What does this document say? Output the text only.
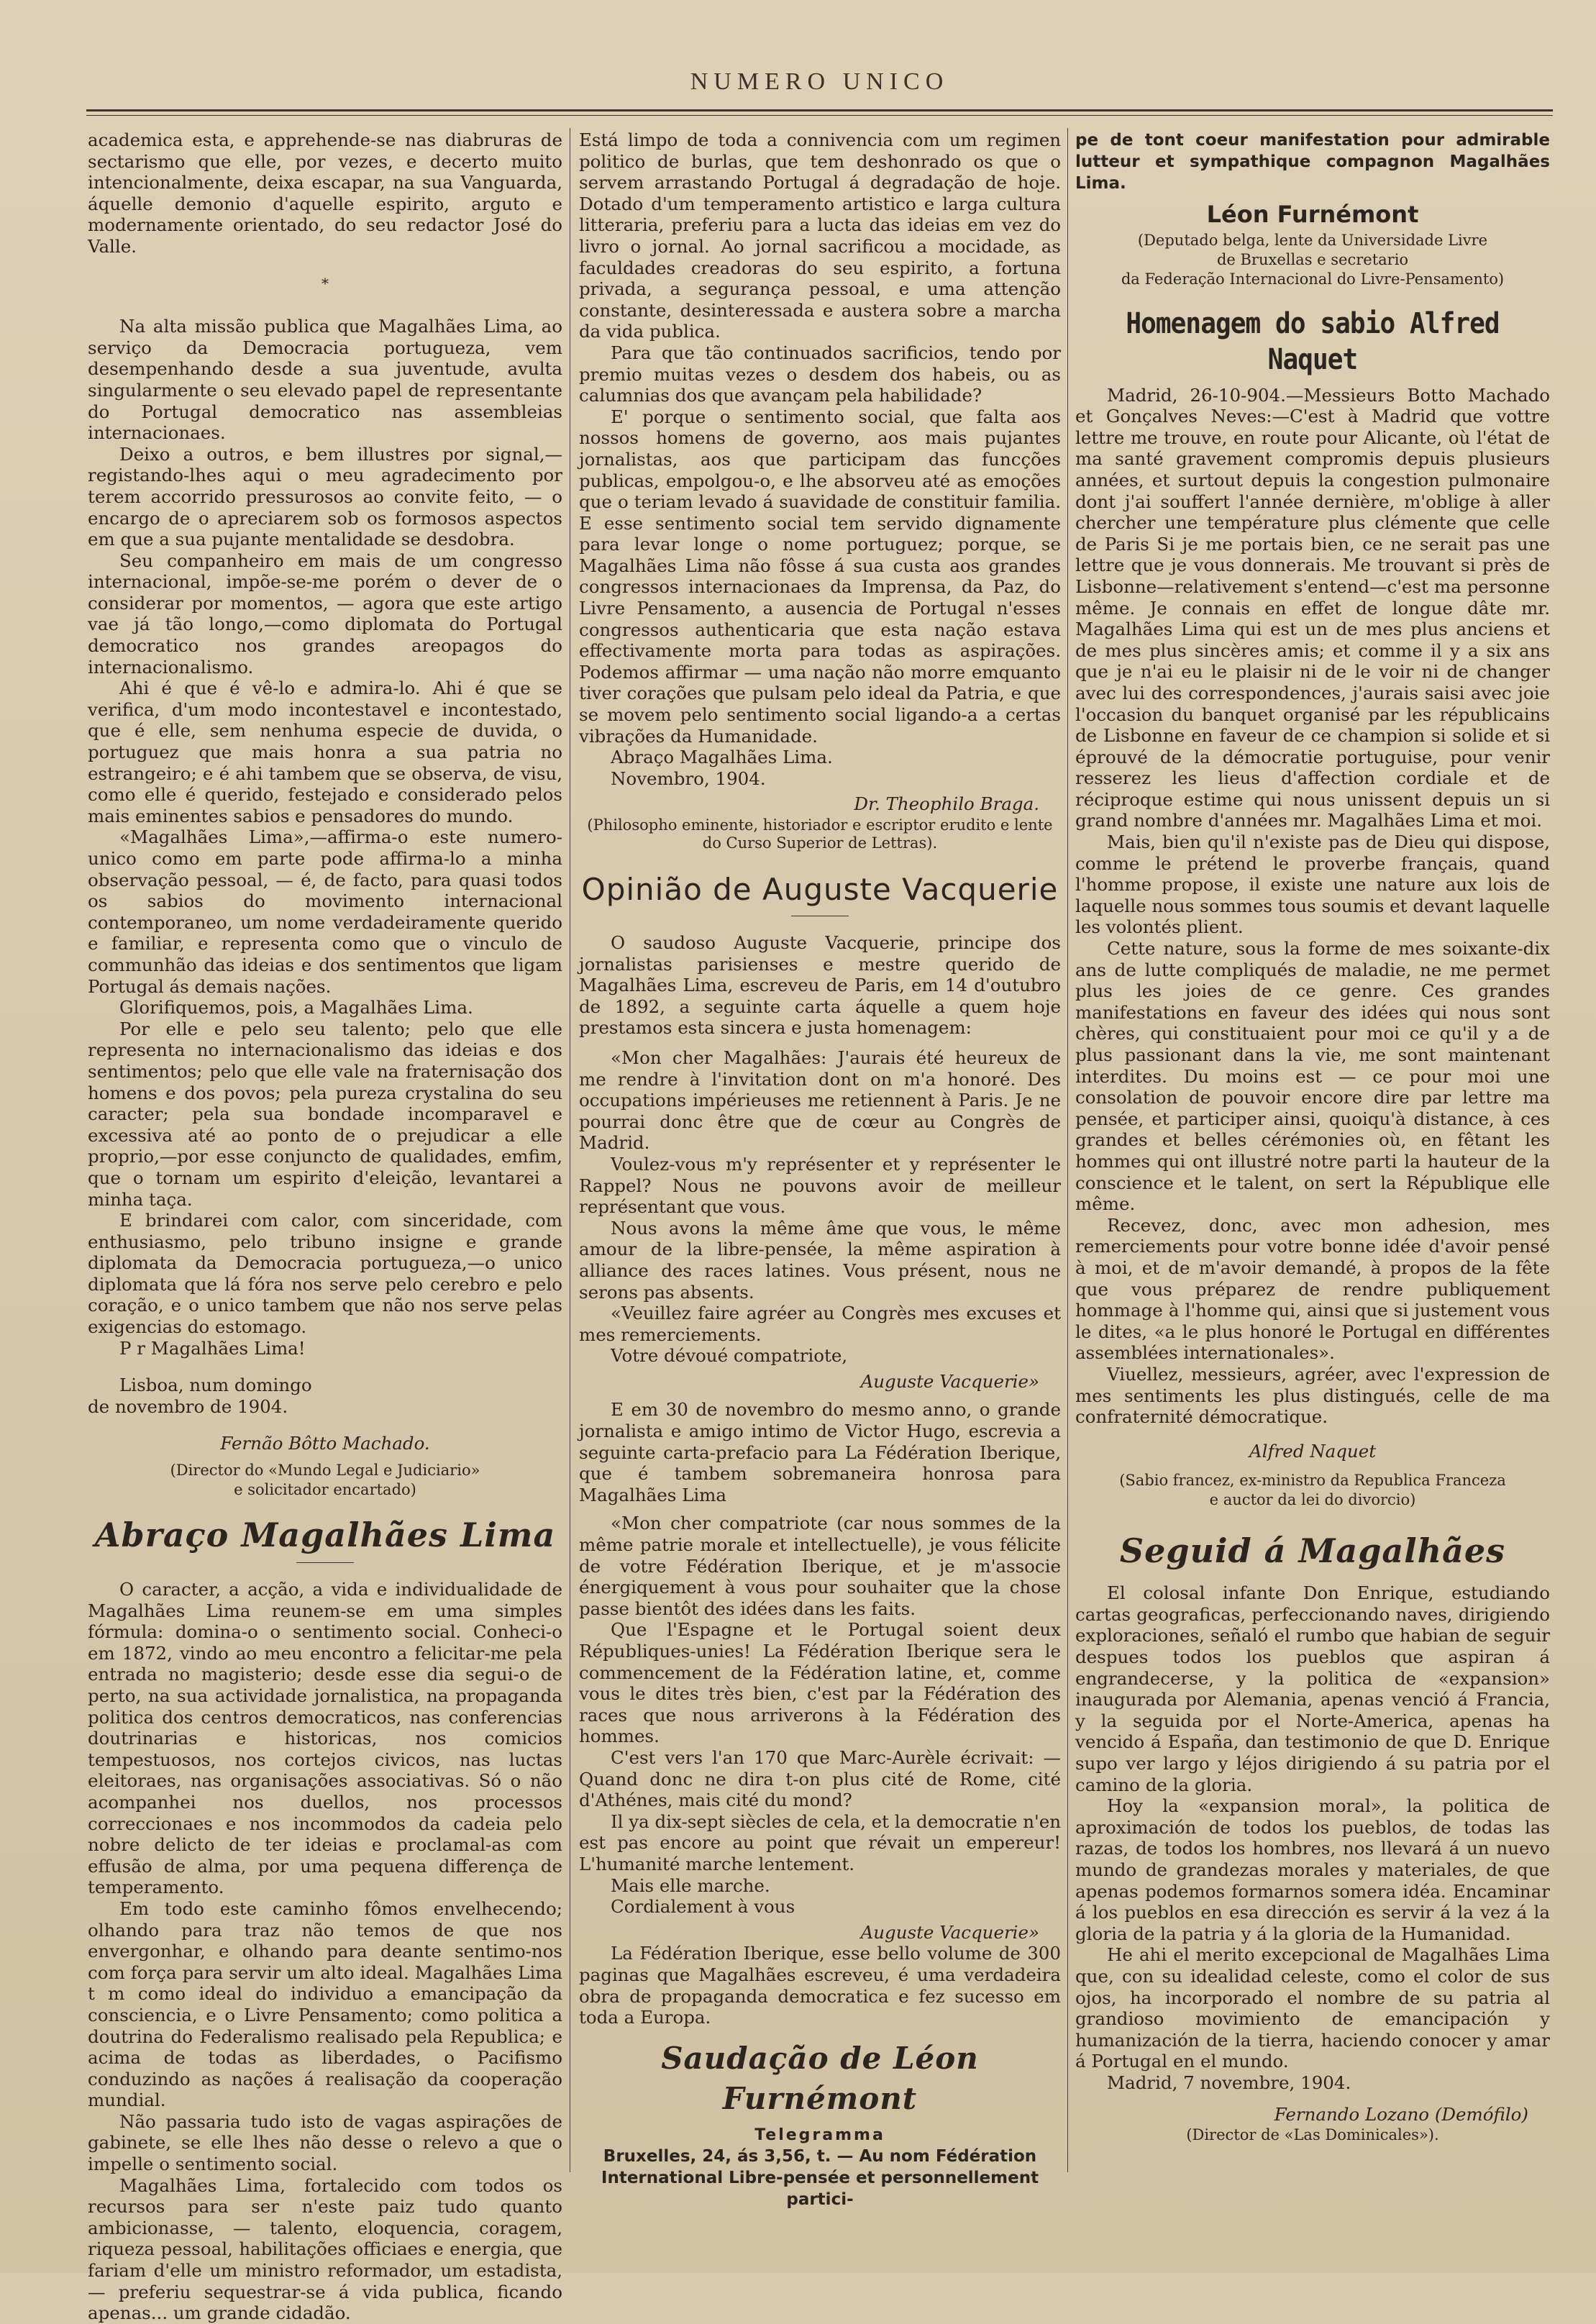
NUMERO UNICO

academica esta, e apprehende-se nas diabruras de sectarismo que elle, por vezes, e decerto muito intencionalmente, deixa escapar, na sua Vanguarda, áquelle demonio d'aquelle espirito, arguto e modernamente orientado, do seu redactor José do Valle.

*

Na alta missão publica que Magalhães Lima, ao serviço da Democracia portugueza, vem desempenhando desde a sua juventude, avulta singularmente o seu elevado papel de representante do Portugal democratico nas assembleias internacionaes.

Deixo a outros, e bem illustres por signal,—registando-lhes aqui o meu agradecimento por terem accorrido pressurosos ao convite feito, — o encargo de o apreciarem sob os formosos aspectos em que a sua pujante mentalidade se desdobra.

Seu companheiro em mais de um congresso internacional, impõe-se-me porém o dever de o considerar por momentos, — agora que este artigo vae já tão longo,—como diplomata do Portugal democratico nos grandes areopagos do internacionalismo.

Ahi é que é vê-lo e admira-lo. Ahi é que se verifica, d'um modo incontestavel e incontestado, que é elle, sem nenhuma especie de duvida, o portuguez que mais honra a sua patria no estrangeiro; e é ahi tambem que se observa, de visu, como elle é querido, festejado e considerado pelos mais eminentes sabios e pensadores do mundo.

«Magalhães Lima»,—affirma-o este numero-unico como em parte pode affirma-lo a minha observação pessoal, — é, de facto, para quasi todos os sabios do movimento internacional contemporaneo, um nome verdadeiramente querido e familiar, e representa como que o vinculo de communhão das ideias e dos sentimentos que ligam Portugal ás demais nações.

Glorifiquemos, pois, a Magalhães Lima.

Por elle e pelo seu talento; pelo que elle representa no internacionalismo das ideias e dos sentimentos; pelo que elle vale na fraternisação dos homens e dos povos; pela pureza crystalina do seu caracter; pela sua bondade incomparavel e excessiva até ao ponto de o prejudicar a elle proprio,—por esse conjuncto de qualidades, emfim, que o tornam um espirito d'eleição, levantarei a minha taça.

E brindarei com calor, com sinceridade, com enthusiasmo, pelo tribuno insigne e grande diplomata da Democracia portugueza,—o unico diplomata que lá fóra nos serve pelo cerebro e pelo coração, e o unico tambem que não nos serve pelas exigencias do estomago.

P r Magalhães Lima!

Lisboa, num domingo

de novembro de 1904.

Fernão Bôtto Machado.
(Director do «Mundo Legal e Judiciario»
e solicitador encartado)
Abraço Magalhães Lima

O caracter, a acção, a vida e individualidade de Magalhães Lima reunem-se em uma simples fórmula: domina-o o sentimento social. Conheci-o em 1872, vindo ao meu encontro a felicitar-me pela entrada no magisterio; desde esse dia segui-o de perto, na sua actividade jornalistica, na propaganda politica dos centros democraticos, nas conferencias doutrinarias e historicas, nos comicios tempestuosos, nos cortejos civicos, nas luctas eleitoraes, nas organisações associativas. Só o não acompanhei nos duellos, nos processos correccionaes e nos incommodos da cadeia pelo nobre delicto de ter ideias e proclamal-as com effusão de alma, por uma pequena differença de temperamento.

Em todo este caminho fômos envelhecendo; olhando para traz não temos de que nos envergonhar, e olhando para deante sentimo-nos com força para servir um alto ideal. Magalhães Lima t m como ideal do individuo a emancipação da consciencia, e o Livre Pensamento; como politica a doutrina do Federalismo realisado pela Republica; e acima de todas as liberdades, o Pacifismo conduzindo as nações á realisação da cooperação mundial.

Não passaria tudo isto de vagas aspirações de gabinete, se elle lhes não desse o relevo a que o impelle o sentimento social.

Magalhães Lima, fortalecido com todos os recursos para ser n'este paiz tudo quanto ambicionasse, — talento, eloquencia, coragem, riqueza pessoal, habilitações officiaes e energia, que fariam d'elle um ministro reformador, um estadista, — preferiu sequestrar-se á vida publica, ficando apenas... um grande cidadão.

Está limpo de toda a connivencia com um regimen politico de burlas, que tem deshonrado os que o servem arrastando Portugal á degradação de hoje. Dotado d'um temperamento artistico e larga cultura litteraria, preferiu para a lucta das ideias em vez do livro o jornal. Ao jornal sacrificou a mocidade, as faculdades creadoras do seu espirito, a fortuna privada, a segurança pessoal, e uma attenção constante, desinteressada e austera sobre a marcha da vida publica.

Para que tão continuados sacrificios, tendo por premio muitas vezes o desdem dos habeis, ou as calumnias dos que avançam pela habilidade?

E' porque o sentimento social, que falta aos nossos homens de governo, aos mais pujantes jornalistas, aos que participam das funcções publicas, empolgou-o, e lhe absorveu até as emoções que o teriam levado á suavidade de constituir familia. E esse sentimento social tem servido dignamente para levar longe o nome portuguez; porque, se Magalhães Lima não fôsse á sua custa aos grandes congressos internacionaes da Imprensa, da Paz, do Livre Pensamento, a ausencia de Portugal n'esses congressos authenticaria que esta nação estava effectivamente morta para todas as aspirações. Podemos affirmar — uma nação não morre emquanto tiver corações que pulsam pelo ideal da Patria, e que se movem pelo sentimento social ligando-a a certas vibrações da Humanidade.

Abraço Magalhães Lima.

Novembro, 1904.

Dr. Theophilo Braga.
(Philosopho eminente, historiador e escriptor erudito e lente do Curso Superior de Lettras).
Opinião de Auguste Vacquerie

O saudoso Auguste Vacquerie, principe dos jornalistas parisienses e mestre querido de Magalhães Lima, escreveu de Paris, em 14 d'outubro de 1892, a seguinte carta áquelle a quem hoje prestamos esta sincera e justa homenagem:

«Mon cher Magalhães: J'aurais été heureux de me rendre à l'invitation dont on m'a honoré. Des occupations impérieuses me retiennent à Paris. Je ne pourrai donc être que de cœur au Congrès de Madrid.

Voulez-vous m'y représenter et y représenter le Rappel? Nous ne pouvons avoir de meilleur représentant que vous.

Nous avons la même âme que vous, le même amour de la libre-pensée, la même aspiration à alliance des races latines. Vous présent, nous ne serons pas absents.

«Veuillez faire agréer au Congrès mes excuses et mes remerciements.

Votre dévoué compatriote,

Auguste Vacquerie»

E em 30 de novembro do mesmo anno, o grande jornalista e amigo intimo de Victor Hugo, escrevia a seguinte carta-prefacio para La Fédération Iberique, que é tambem sobremaneira honrosa para Magalhães Lima

«Mon cher compatriote (car nous sommes de la même patrie morale et intellectuelle), je vous félicite de votre Fédération Iberique, et je m'associe énergiquement à vous pour souhaiter que la chose passe bientôt des idées dans les faits.

Que l'Espagne et le Portugal soient deux Républiques-unies! La Fédération Iberique sera le commencement de la Fédération latine, et, comme vous le dites très bien, c'est par la Fédération des races que nous arriverons à la Fédération des hommes.

C'est vers l'an 170 que Marc-Aurèle écrivait: — Quand donc ne dira t-on plus cité de Rome, cité d'Athénes, mais cité du mond?

Il ya dix-sept siècles de cela, et la democratie n'en est pas encore au point que révait un empereur! L'humanité marche lentement.

Mais elle marche.

Cordialement à vous

Auguste Vacquerie»

La Fédération Iberique, esse bello volume de 300 paginas que Magalhães escreveu, é uma verdadeira obra de propaganda democratica e fez sucesso em toda a Europa.

Saudação de Léon Furnémont
Telegramma

Bruxelles, 24, ás 3,56, t. — Au nom Fédération International Libre-pensée et personnellement partici-

pe de tont coeur manifestation pour admirable lutteur et sympathique compagnon Magalhães Lima.

Léon Furnémont
(Deputado belga, lente da Universidade Livre
de Bruxellas e secretario
da Federação Internacional do Livre-Pensamento)
Homenagem do sabio Alfred Naquet

Madrid, 26-10-904.—Messieurs Botto Machado et Gonçalves Neves:—C'est à Madrid que vottre lettre me trouve, en route pour Alicante, où l'état de ma santé gravement compromis depuis plusieurs années, et surtout depuis la congestion pulmonaire dont j'ai souffert l'année dernière, m'oblige à aller chercher une température plus clémente que celle de Paris Si je me portais bien, ce ne serait pas une lettre que je vous donnerais. Me trouvant si près de Lisbonne—relativement s'entend—c'est ma personne même. Je connais en effet de longue dâte mr. Magalhães Lima qui est un de mes plus anciens et de mes plus sincères amis; et comme il y a six ans que je n'ai eu le plaisir ni de le voir ni de changer avec lui des correspondences, j'aurais saisi avec joie l'occasion du banquet organisé par les républicains de Lisbonne en faveur de ce champion si solide et si éprouvé de la démocratie portuguise, pour venir resserez les lieus d'affection cordiale et de réciproque estime qui nous unissent depuis un si grand nombre d'années mr. Magalhães Lima et moi.

Mais, bien qu'il n'existe pas de Dieu qui dispose, comme le prétend le proverbe français, quand l'homme propose, il existe une nature aux lois de laquelle nous sommes tous soumis et devant laquelle les volontés plient.

Cette nature, sous la forme de mes soixante-dix ans de lutte compliqués de maladie, ne me permet plus les joies de ce genre. Ces grandes manifestations en faveur des idées qui nous sont chères, qui constituaient pour moi ce qu'il y a de plus passionant dans la vie, me sont maintenant interdites. Du moins est — ce pour moi une consolation de pouvoir encore dire par lettre ma pensée, et participer ainsi, quoiqu'à distance, à ces grandes et belles cérémonies où, en fêtant les hommes qui ont illustré notre parti la hauteur de la conscience et le talent, on sert la République elle même.

Recevez, donc, avec mon adhesion, mes remerciements pour votre bonne idée d'avoir pensé à moi, et de m'avoir demandé, à propos de la fête que vous préparez de rendre publiquement hommage à l'homme qui, ainsi que si justement vous le dites, «a le plus honoré le Portugal en différentes assemblées internationales».

Viuellez, messieurs, agréer, avec l'expression de mes sentiments les plus distingués, celle de ma confraternité démocratique.

Alfred Naquet
(Sabio francez, ex-ministro da Republica Franceza
e auctor da lei do divorcio)
Seguid á Magalhães

El colosal infante Don Enrique, estudiando cartas geograficas, perfeccionando naves, dirigiendo exploraciones, señaló el rumbo que habian de seguir despues todos los pueblos que aspiran á engrandecerse, y la politica de «expansion» inaugurada por Alemania, apenas venció á Francia, y la seguida por el Norte-America, apenas ha vencido á España, dan testimonio de que D. Enrique supo ver largo y léjos dirigiendo á su patria por el camino de la gloria.

Hoy la «expansion moral», la politica de aproximación de todos los pueblos, de todas las razas, de todos los hombres, nos llevará á un nuevo mundo de grandezas morales y materiales, de que apenas podemos formarnos somera idéa. Encaminar á los pueblos en esa dirección es servir á la vez á la gloria de la patria y á la gloria de la Humanidad.

He ahi el merito excepcional de Magalhães Lima que, con su idealidad celeste, como el color de sus ojos, ha incorporado el nombre de su patria al grandioso movimiento de emancipación y humanización de la tierra, haciendo conocer y amar á Portugal en el mundo.

Madrid, 7 novembre, 1904.

Fernando Lozano (Demófilo)
(Director de «Las Dominicales»).
